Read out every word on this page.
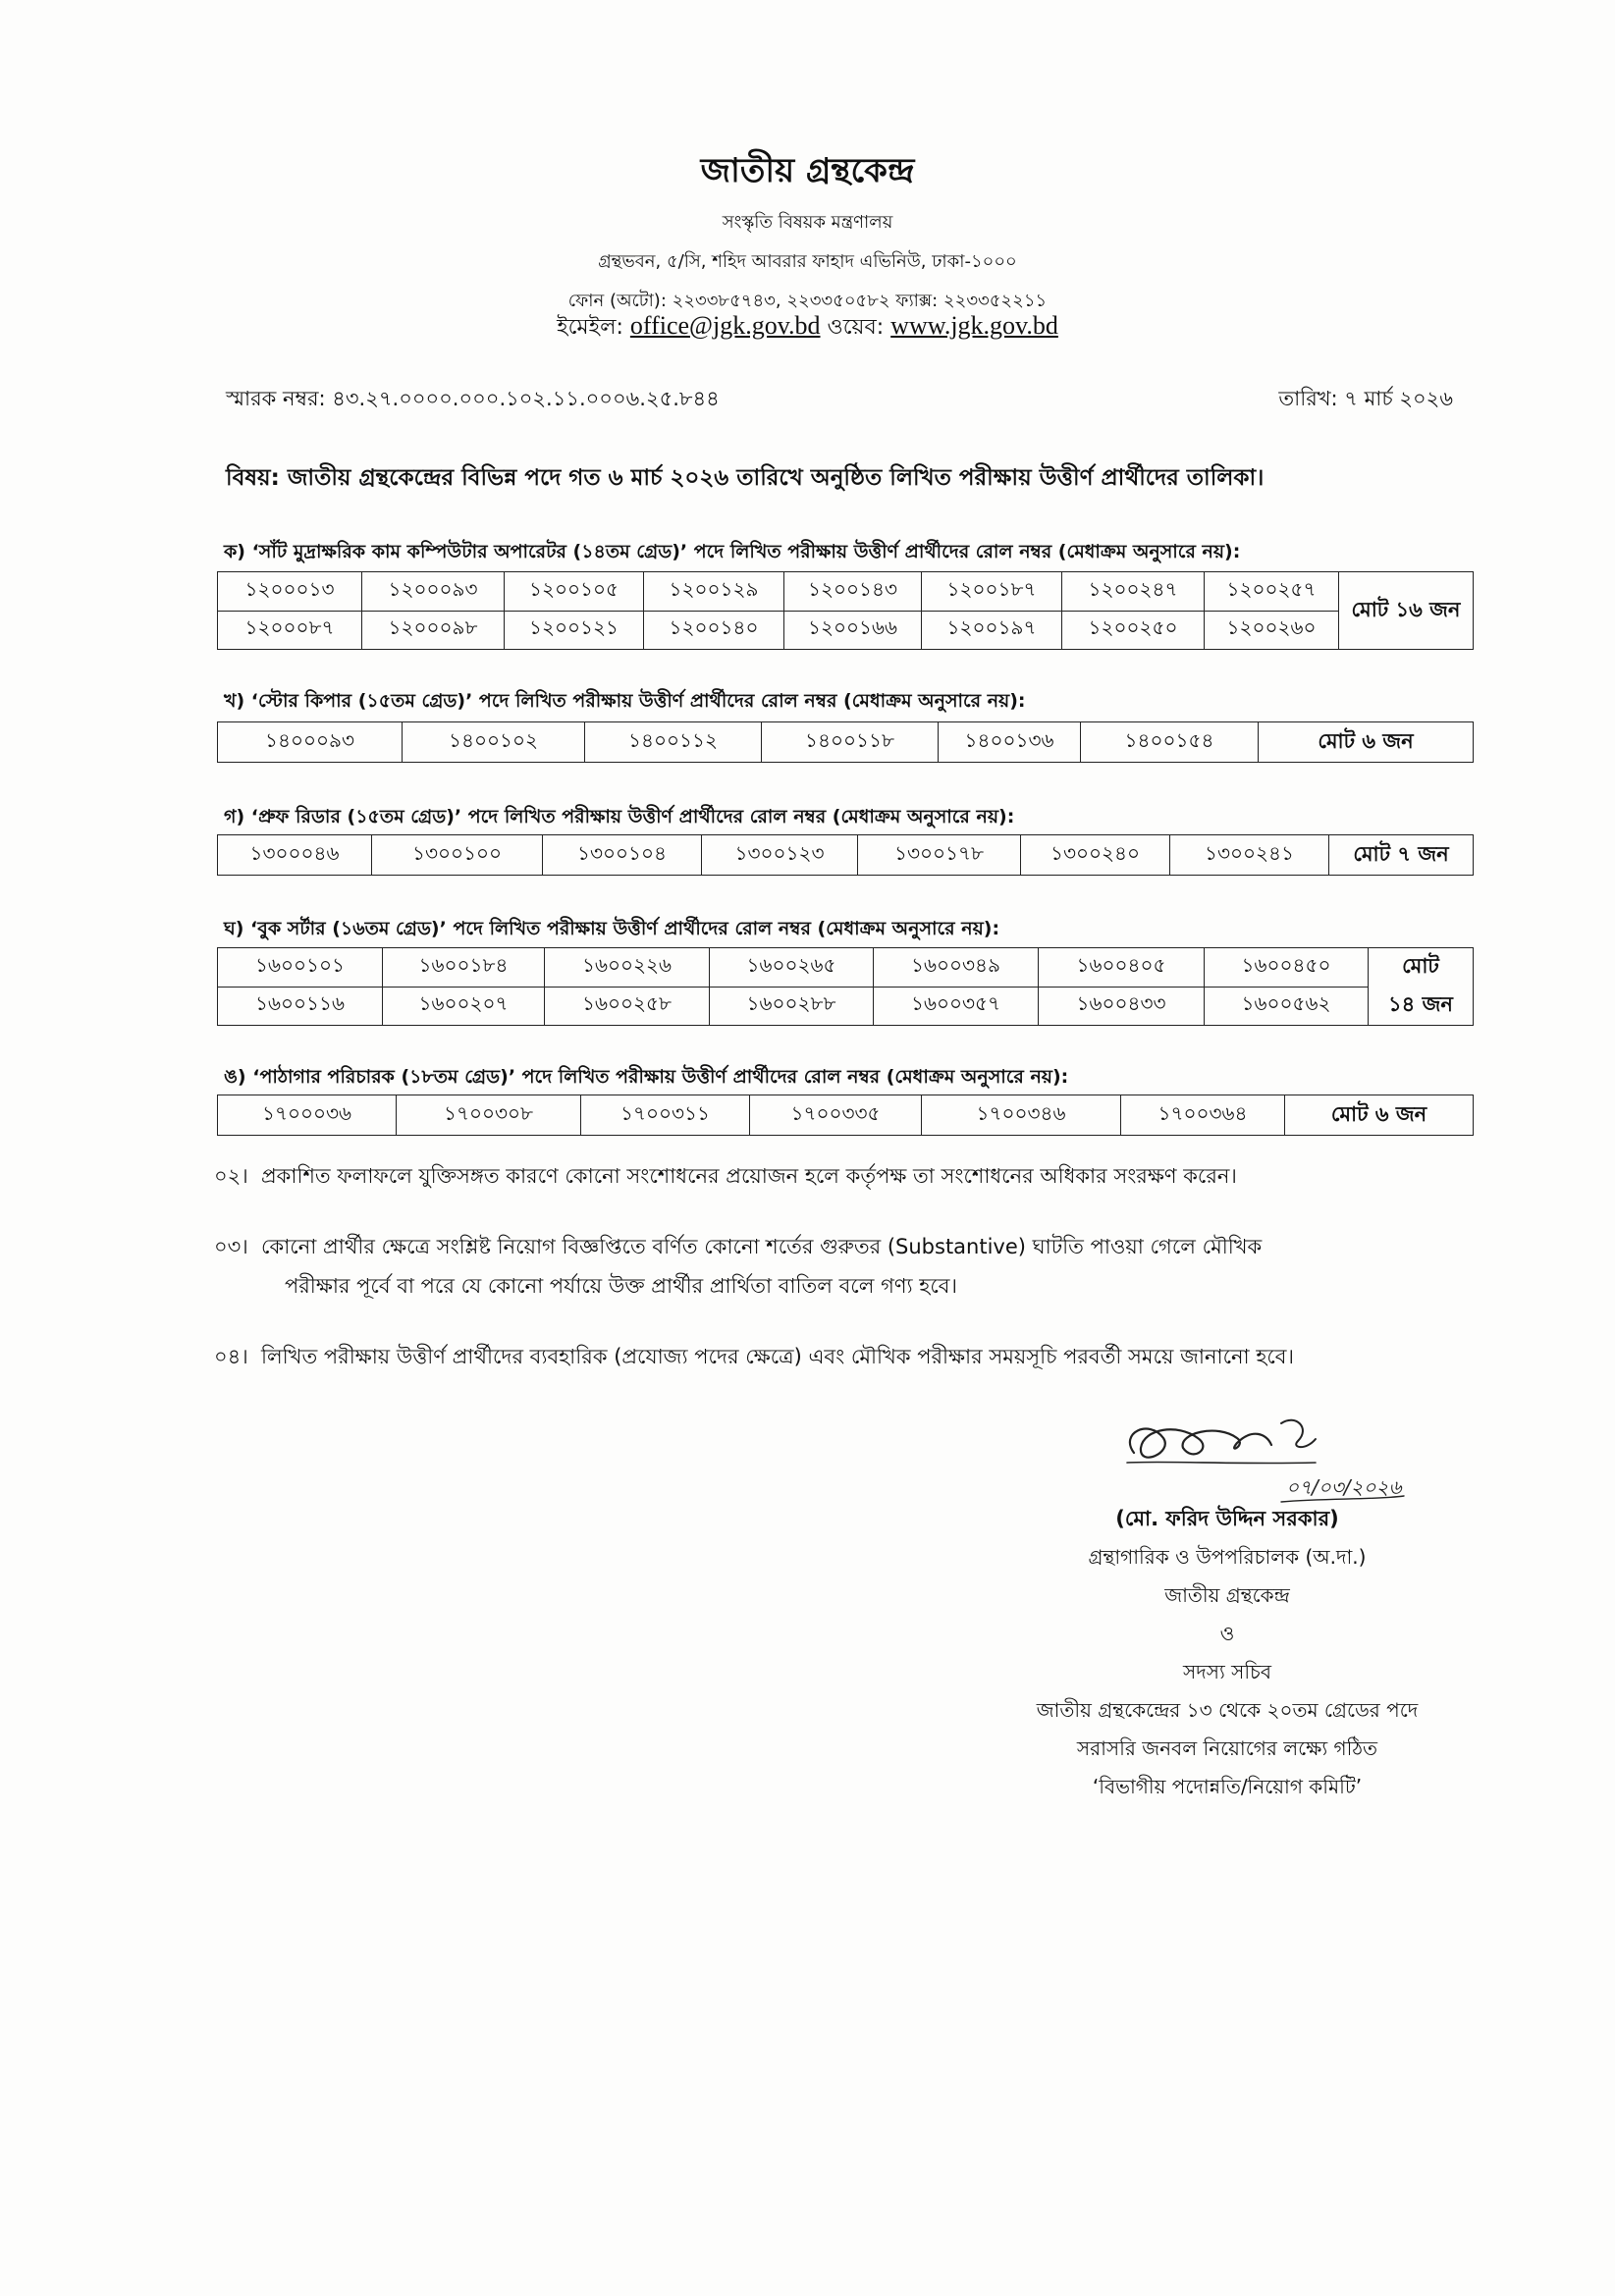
জাতীয় গ্রন্থকেন্দ্র
সংস্কৃতি বিষয়ক মন্ত্রণালয়
গ্রন্থভবন, ৫/সি, শহিদ আবরার ফাহাদ এভিনিউ, ঢাকা-১০০০
ফোন (অটো): ২২৩৩৮৫৭৪৩, ২২৩৩৫০৫৮২ ফ্যাক্স: ২২৩৩৫২২১১
ইমেইল: office@jgk.gov.bd ওয়েব: www.jgk.gov.bd
স্মারক নম্বর: ৪৩.২৭.০০০০.০০০.১০২.১১.০০০৬.২৫.৮৪৪	তারিখ: ৭ মার্চ ২০২৬
বিষয়: জাতীয় গ্রন্থকেন্দ্রের বিভিন্ন পদে গত ৬ মার্চ ২০২৬ তারিখে অনুষ্ঠিত লিখিত পরীক্ষায় উত্তীর্ণ প্রার্থীদের তালিকা।
ক) ‘সাঁট মুদ্রাক্ষরিক কাম কম্পিউটার অপারেটর (১৪তম গ্রেড)’ পদে লিখিত পরীক্ষায় উত্তীর্ণ প্রার্থীদের রোল নম্বর (মেধাক্রম অনুসারে নয়):
১২০০০১৩	১২০০০৯৩	১২০০১০৫	১২০০১২৯	১২০০১৪৩	১২০০১৮৭	১২০০২৪৭	১২০০২৫৭	মোট ১৬ জন
১২০০০৮৭	১২০০০৯৮	১২০০১২১	১২০০১৪০	১২০০১৬৬	১২০০১৯৭	১২০০২৫০	১২০০২৬০	
খ) ‘স্টোর কিপার (১৫তম গ্রেড)’ পদে লিখিত পরীক্ষায় উত্তীর্ণ প্রার্থীদের রোল নম্বর (মেধাক্রম অনুসারে নয়):
১৪০০০৯৩	১৪০০১০২	১৪০০১১২	১৪০০১১৮	১৪০০১৩৬	১৪০০১৫৪	মোট ৬ জন
গ) ‘প্রুফ রিডার (১৫তম গ্রেড)’ পদে লিখিত পরীক্ষায় উত্তীর্ণ প্রার্থীদের রোল নম্বর (মেধাক্রম অনুসারে নয়):
১৩০০০৪৬	১৩০০১০০	১৩০০১০৪	১৩০০১২৩	১৩০০১৭৮	১৩০০২৪০	১৩০০২৪১	মোট ৭ জন
ঘ) ‘বুক সর্টার (১৬তম গ্রেড)’ পদে লিখিত পরীক্ষায় উত্তীর্ণ প্রার্থীদের রোল নম্বর (মেধাক্রম অনুসারে নয়):
১৬০০১০১	১৬০০১৮৪	১৬০০২২৬	১৬০০২৬৫	১৬০০৩৪৯	১৬০০৪০৫	১৬০০৪৫০	মোট
১৬০০১১৬	১৬০০২০৭	১৬০০২৫৮	১৬০০২৮৮	১৬০০৩৫৭	১৬০০৪৩৩	১৬০০৫৬২	১৪ জন
ঙ) ‘পাঠাগার পরিচারক (১৮তম গ্রেড)’ পদে লিখিত পরীক্ষায় উত্তীর্ণ প্রার্থীদের রোল নম্বর (মেধাক্রম অনুসারে নয়):
১৭০০০৩৬	১৭০০৩০৮	১৭০০৩১১	১৭০০৩৩৫	১৭০০৩৪৬	১৭০০৩৬৪	মোট ৬ জন
০২। প্রকাশিত ফলাফলে যুক্তিসঙ্গত কারণে কোনো সংশোধনের প্রয়োজন হলে কর্তৃপক্ষ তা সংশোধনের অধিকার সংরক্ষণ করেন।
০৩। কোনো প্রার্থীর ক্ষেত্রে সংশ্লিষ্ট নিয়োগ বিজ্ঞপ্তিতে বর্ণিত কোনো শর্তের গুরুতর (Substantive) ঘাটতি পাওয়া গেলে মৌখিক
পরীক্ষার পূর্বে বা পরে যে কোনো পর্যায়ে উক্ত প্রার্থীর প্রার্থিতা বাতিল বলে গণ্য হবে।
০৪। লিখিত পরীক্ষায় উত্তীর্ণ প্রার্থীদের ব্যবহারিক (প্রযোজ্য পদের ক্ষেত্রে) এবং মৌখিক পরীক্ষার সময়সূচি পরবর্তী সময়ে জানানো হবে।
০৭/০৩/২০২৬
(মো. ফরিদ উদ্দিন সরকার)
গ্রন্থাগারিক ও উপপরিচালক (অ.দা.)
জাতীয় গ্রন্থকেন্দ্র
ও
সদস্য সচিব
জাতীয় গ্রন্থকেন্দ্রের ১৩ থেকে ২০তম গ্রেডের পদে
সরাসরি জনবল নিয়োগের লক্ষ্যে গঠিত
‘বিভাগীয় পদোন্নতি/নিয়োগ কমিটি’
